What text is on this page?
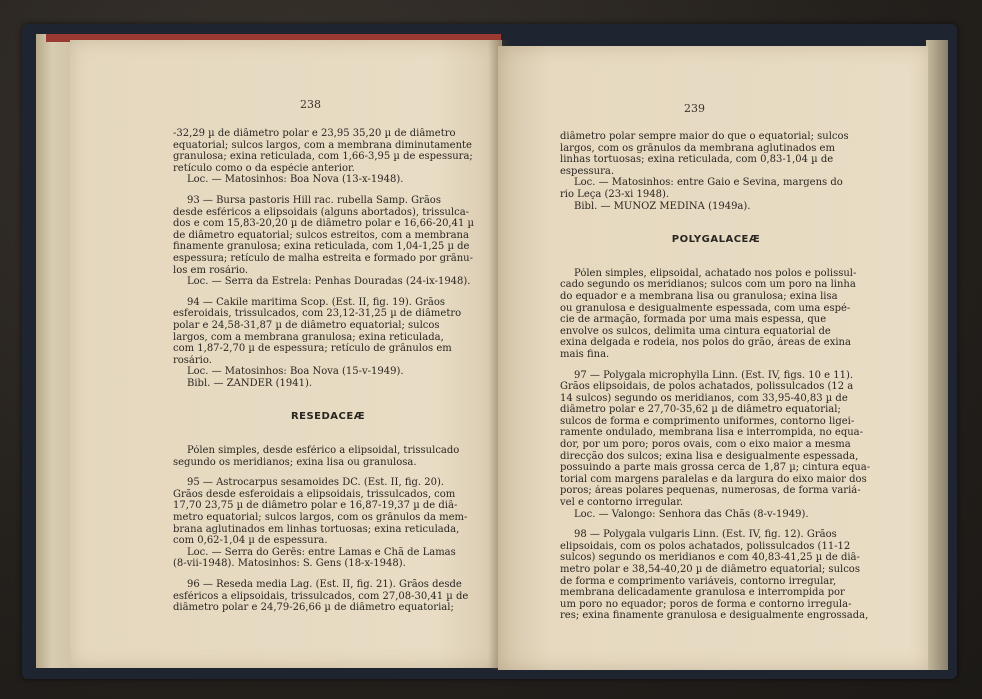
238
-32,29 µ de diâmetro polar e 23,95 35,20 µ de diâmetro
equatorial; sulcos largos, com a membrana diminutamente
granulosa; exina reticulada, com 1,66-3,95 µ de espessura;
retículo como o da espécie anterior.
Loc. — Matosinhos: Boa Nova (13-x-1948).
93 — Bursa pastoris Hill rac. rubella Samp. Grãos
desde esféricos a elipsoidais (alguns abortados), trissulca-
dos e com 15,83-20,20 µ de diâmetro polar e 16,66-20,41 µ
de diâmetro equatorial; sulcos estreitos, com a membrana
finamente granulosa; exina reticulada, com 1,04-1,25 µ de
espessura; retículo de malha estreita e formado por grânu-
los em rosário.
Loc. — Serra da Estrela: Penhas Douradas (24-ix-1948).
94 — Cakile maritima Scop. (Est. II, fig. 19). Grãos
esferoidais, trissulcados, com 23,12-31,25 µ de diâmetro
polar e 24,58-31,87 µ de diâmetro equatorial; sulcos
largos, com a membrana granulosa; exina reticulada,
com 1,87-2,70 µ de espessura; retículo de grânulos em
rosário.
Loc. — Matosinhos: Boa Nova (15-v-1949).
Bibl. — ZANDER (1941).
RESEDACEÆ
Pólen simples, desde esférico a elipsoidal, trissulcado
segundo os meridianos; exina lisa ou granulosa.
95 — Astrocarpus sesamoides DC. (Est. II, fig. 20).
Grãos desde esferoidais a elipsoidais, trissulcados, com
17,70 23,75 µ de diâmetro polar e 16,87-19,37 µ de diâ-
metro equatorial; sulcos largos, com os grânulos da mem-
brana aglutinados em linhas tortuosas; exina reticulada,
com 0,62-1,04 µ de espessura.
Loc. — Serra do Gerês: entre Lamas e Chã de Lamas
(8-vii-1948). Matosinhos: S. Gens (18-x-1948).
96 — Reseda media Lag. (Est. II, fig. 21). Grãos desde
esféricos a elipsoidais, trissulcados, com 27,08-30,41 µ de
diâmetro polar e 24,79-26,66 µ de diâmetro equatorial;
239
diâmetro polar sempre maior do que o equatorial; sulcos
largos, com os grânulos da membrana aglutinados em
linhas tortuosas; exina reticulada, com 0,83-1,04 µ de
espessura.
Loc. — Matosinhos: entre Gaio e Sevina, margens do
rio Leça (23-xi 1948).
Bibl. — MUÑOZ MEDINA (1949a).
POLYGALACEÆ
Pólen simples, elipsoidal, achatado nos polos e polissul-
cado segundo os meridianos; sulcos com um poro na linha
do equador e a membrana lisa ou granulosa; exina lisa
ou granulosa e desigualmente espessada, com uma espé-
cie de armação, formada por uma mais espessa, que
envolve os sulcos, delimita uma cintura equatorial de
exina delgada e rodeia, nos polos do grão, áreas de exina
mais fina.
97 — Polygala microphylla Linn. (Est. IV, figs. 10 e 11).
Grãos elipsoidais, de polos achatados, polissulcados (12 a
14 sulcos) segundo os meridianos, com 33,95-40,83 µ de
diâmetro polar e 27,70-35,62 µ de diâmetro equatorial;
sulcos de forma e comprimento uniformes, contorno ligei-
ramente ondulado, membrana lisa e interrompida, no equa-
dor, por um poro; poros ovais, com o eixo maior a mesma
direcção dos sulcos; exina lisa e desigualmente espessada,
possuindo a parte mais grossa cerca de 1,87 µ; cintura equa-
torial com margens paralelas e da largura do eixo maior dos
poros; áreas polares pequenas, numerosas, de forma variá-
vel e contorno irregular.
Loc. — Valongo: Senhora das Chãs (8-v-1949).
98 — Polygala vulgaris Linn. (Est. IV, fig. 12). Grãos
elipsoidais, com os polos achatados, polissulcados (11-12
sulcos) segundo os meridianos e com 40,83-41,25 µ de diâ-
metro polar e 38,54-40,20 µ de diâmetro equatorial; sulcos
de forma e comprimento variáveis, contorno irregular,
membrana delicadamente granulosa e interrompida por
um poro no equador; poros de forma e contorno irregula-
res; exina finamente granulosa e desigualmente engrossada,
